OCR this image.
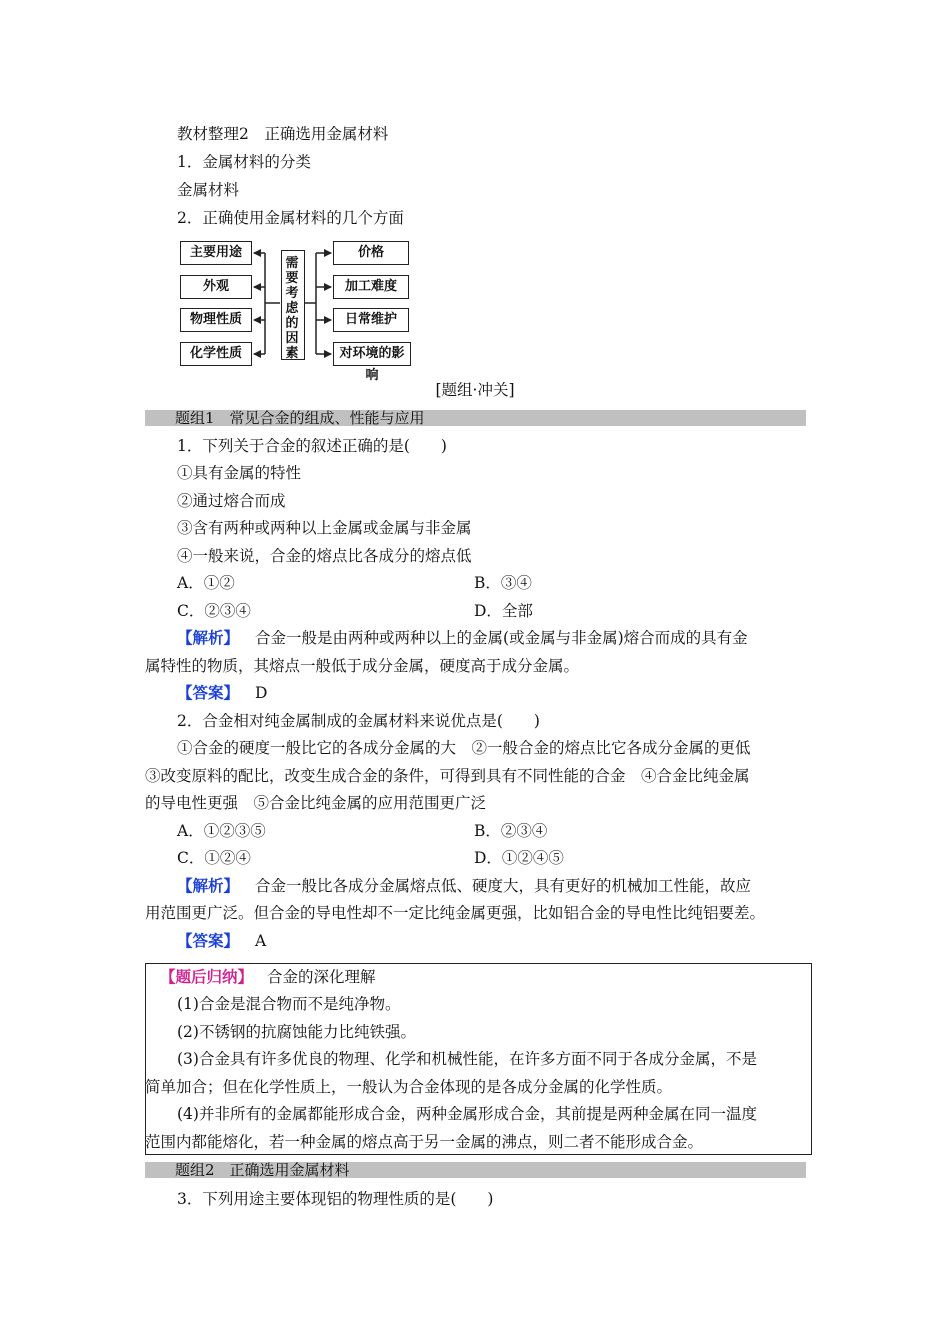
教材整理2　正确选用金属材料
1．金属材料的分类
金属材料
2．正确使用金属材料的几个方面
主要用途
外观
物理性质
化学性质
需要考虑的因素
价格
加工难度
日常维护
对环境的影响
[题组·冲关]
题组1　常见合金的组成、性能与应用
1．下列关于合金的叙述正确的是(　　)
①具有金属的特性
②通过熔合而成
③含有两种或两种以上金属或金属与非金属
④一般来说，合金的熔点比各成分的熔点低
A．①②	B．③④
C．②③④	D．全部
【解析】 合金一般是由两种或两种以上的金属(或金属与非金属)熔合而成的具有金
属特性的物质，其熔点一般低于成分金属，硬度高于成分金属。
【答案】 D
2．合金相对纯金属制成的金属材料来说优点是(　　)
①合金的硬度一般比它的各成分金属的大　②一般合金的熔点比它各成分金属的更低
③改变原料的配比，改变生成合金的条件，可得到具有不同性能的合金　④合金比纯金属
的导电性更强　⑤合金比纯金属的应用范围更广泛
A．①②③⑤	B．②③④
C．①②④	D．①②④⑤
【解析】 合金一般比各成分金属熔点低、硬度大，具有更好的机械加工性能，故应
用范围更广泛。但合金的导电性却不一定比纯金属更强，比如铝合金的导电性比纯铝要差。
【答案】 A
【题后归纳】 合金的深化理解
(1)合金是混合物而不是纯净物。
(2)不锈钢的抗腐蚀能力比纯铁强。
(3)合金具有许多优良的物理、化学和机械性能，在许多方面不同于各成分金属，不是
简单加合；但在化学性质上，一般认为合金体现的是各成分金属的化学性质。
(4)并非所有的金属都能形成合金，两种金属形成合金，其前提是两种金属在同一温度
范围内都能熔化，若一种金属的熔点高于另一金属的沸点，则二者不能形成合金。
题组2　正确选用金属材料
3．下列用途主要体现铝的物理性质的是(　　)
